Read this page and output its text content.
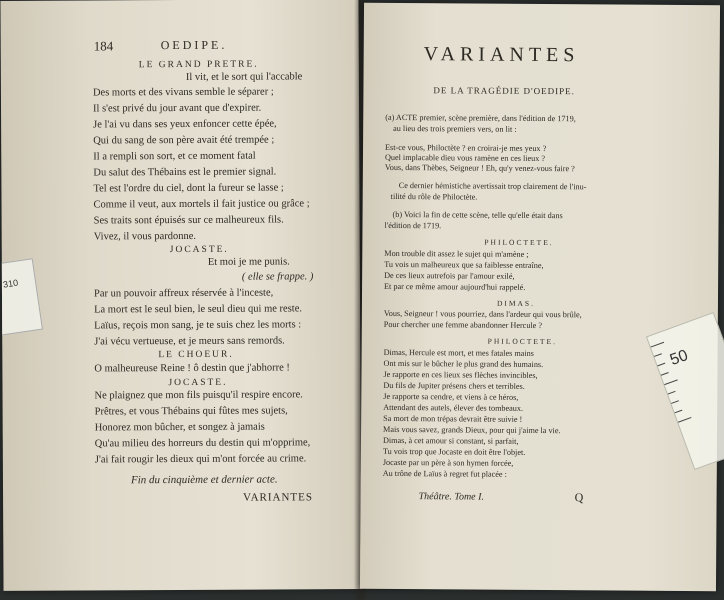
184	OEDIPE.
LE GRAND PRETRE.
Il vit, et le sort qui l'accable
Des morts et des vivans semble le séparer ;
Il s'est privé du jour avant que d'expirer.
Je l'ai vu dans ses yeux enfoncer cette épée,
Qui du sang de son père avait été trempée ;
Il a rempli son sort, et ce moment fatal
Du salut des Thébains est le premier signal.
Tel est l'ordre du ciel, dont la fureur se lasse ;
Comme il veut, aux mortels il fait justice ou grâce ;
Ses traits sont épuisés sur ce malheureux fils.
Vivez, il vous pardonne.
JOCASTE.
Et moi je me punis.
( elle se frappe. )
Par un pouvoir affreux réservée à l'inceste,
La mort est le seul bien, le seul dieu qui me reste.
Laïus, reçois mon sang, je te suis chez les morts :
J'ai vécu vertueuse, et je meurs sans remords.
LE CHOEUR.
O malheureuse Reine ! ô destin que j'abhorre !
JOCASTE.
Ne plaignez que mon fils puisqu'il respire encore.
Prêtres, et vous Thébains qui fûtes mes sujets,
Honorez mon bûcher, et songez à jamais
Qu'au milieu des horreurs du destin qui m'opprime,
J'ai fait rougir les dieux qui m'ont forcée au crime.
Fin du cinquième et dernier acte.
VARIANTES
310
VARIANTES
DE LA TRAGÉDIE D'OEDIPE.
(a) ACTE premier, scène première, dans l'édition de 1719,
au lieu des trois premiers vers, on lit :
Est-ce vous, Philoctète ? en croirai-je mes yeux ?
Quel implacable dieu vous ramène en ces lieux ?
Vous, dans Thèbes, Seigneur ! Eh, qu'y venez-vous faire ?
Ce dernier hémistiche avertissait trop clairement de l'inu-
tilité du rôle de Philoctète.
(b) Voici la fin de cette scène, telle qu'elle était dans
l'édition de 1719.
PHILOCTETE.
Mon trouble dit assez le sujet qui m'amène ;
Tu vois un malheureux que sa faiblesse entraîne,
De ces lieux autrefois par l'amour exilé,
Et par ce même amour aujourd'hui rappelé.
DIMAS.
Vous, Seigneur ! vous pourriez, dans l'ardeur qui vous brûle,
Pour chercher une femme abandonner Hercule ?
PHILOCTETE.
Dimas, Hercule est mort, et mes fatales mains
Ont mis sur le bûcher le plus grand des humains.
Je rapporte en ces lieux ses flèches invincibles,
Du fils de Jupiter présens chers et terribles.
Je rapporte sa cendre, et viens à ce héros,
Attendant des autels, élever des tombeaux.
Sa mort de mon trépas devrait être suivie !
Mais vous savez, grands Dieux, pour qui j'aime la vie.
Dimas, à cet amour si constant, si parfait,
Tu vois trop que Jocaste en doit être l'objet.
Jocaste par un père à son hymen forcée,
Au trône de Laïus à regret fut placée :
Théâtre. Tome I.	Q
50
